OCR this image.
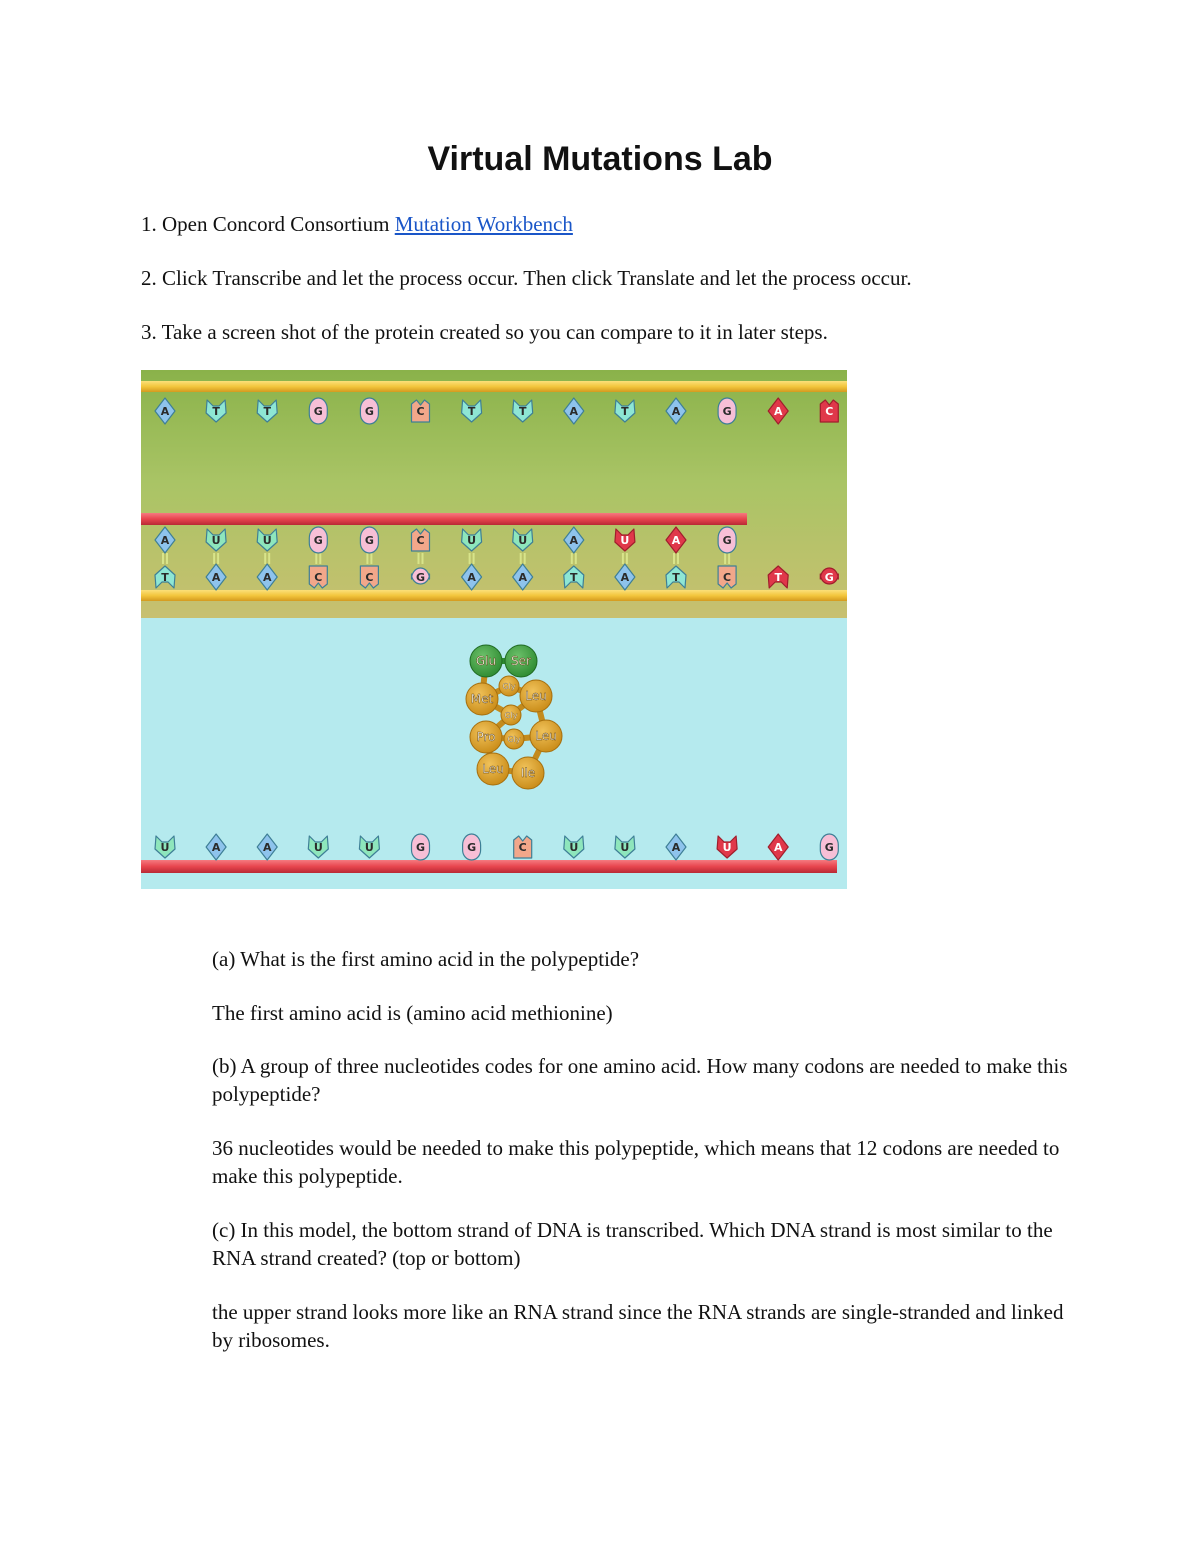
Virtual Mutations Lab
1. Open Concord Consortium Mutation Workbench
2. Click Transcribe and let the process occur. Then click Translate and let the process occur.
3. Take a screen shot of the protein created so you can compare to it in later steps.
A	T	T	G	G	C	T	T	A	T	A	G	A	C
A	U	U	G	G	C	U	U	A	U	A	G
T	A	A	C	C	G	A	A	T	A	T	C	T	G
U	A	A	U	U	G	G	C	U	U	A	U	A	G
Glu Ser
Met
Gly
Leu
Gly
Pro Gly Leu
Leu Ile
(a) What is the first amino acid in the polypeptide?
The first amino acid is (amino acid methionine)
(b) A group of three nucleotides codes for one amino acid. How many codons are needed to make this polypeptide?
36 nucleotides would be needed to make this polypeptide, which means that 12 codons are needed to make this polypeptide.
(c) In this model, the bottom strand of DNA is transcribed. Which DNA strand is most similar to the RNA strand created? (top or bottom)
the upper strand looks more like an RNA strand since the RNA strands are single-stranded and linked by ribosomes.
